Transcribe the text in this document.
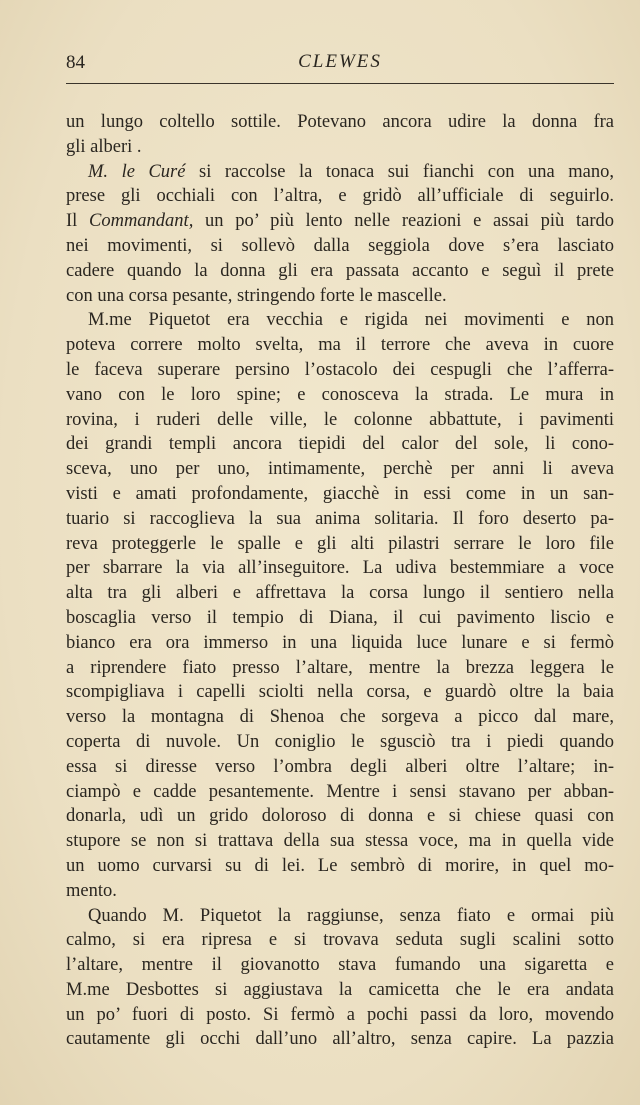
84	CLEWES
un lungo coltello sottile. Potevano ancora udire la donna fra
gli alberi .
M. le Curé si raccolse la tonaca sui fianchi con una mano,
prese gli occhiali con l’altra, e gridò all’ufficiale di seguirlo.
Il Commandant, un po’ più lento nelle reazioni e assai più tardo
nei movimenti, si sollevò dalla seggiola dove s’era lasciato
cadere quando la donna gli era passata accanto e seguì il prete
con una corsa pesante, stringendo forte le mascelle.
M.me Piquetot era vecchia e rigida nei movimenti e non
poteva correre molto svelta, ma il terrore che aveva in cuore
le faceva superare persino l’ostacolo dei cespugli che l’afferra-
vano con le loro spine; e conosceva la strada. Le mura in
rovina, i ruderi delle ville, le colonne abbattute, i pavimenti
dei grandi templi ancora tiepidi del calor del sole, li cono-
sceva, uno per uno, intimamente, perchè per anni li aveva
visti e amati profondamente, giacchè in essi come in un san-
tuario si raccoglieva la sua anima solitaria. Il foro deserto pa-
reva proteggerle le spalle e gli alti pilastri serrare le loro file
per sbarrare la via all’inseguitore. La udiva bestemmiare a voce
alta tra gli alberi e affrettava la corsa lungo il sentiero nella
boscaglia verso il tempio di Diana, il cui pavimento liscio e
bianco era ora immerso in una liquida luce lunare e si fermò
a riprendere fiato presso l’altare, mentre la brezza leggera le
scompigliava i capelli sciolti nella corsa, e guardò oltre la baia
verso la montagna di Shenoa che sorgeva a picco dal mare,
coperta di nuvole. Un coniglio le sgusciò tra i piedi quando
essa si diresse verso l’ombra degli alberi oltre l’altare; in-
ciampò e cadde pesantemente. Mentre i sensi stavano per abban-
donarla, udì un grido doloroso di donna e si chiese quasi con
stupore se non si trattava della sua stessa voce, ma in quella vide
un uomo curvarsi su di lei. Le sembrò di morire, in quel mo-
mento.
Quando M. Piquetot la raggiunse, senza fiato e ormai più
calmo, si era ripresa e si trovava seduta sugli scalini sotto
l’altare, mentre il giovanotto stava fumando una sigaretta e
M.me Desbottes si aggiustava la camicetta che le era andata
un po’ fuori di posto. Si fermò a pochi passi da loro, movendo
cautamente gli occhi dall’uno all’altro, senza capire. La pazzia
